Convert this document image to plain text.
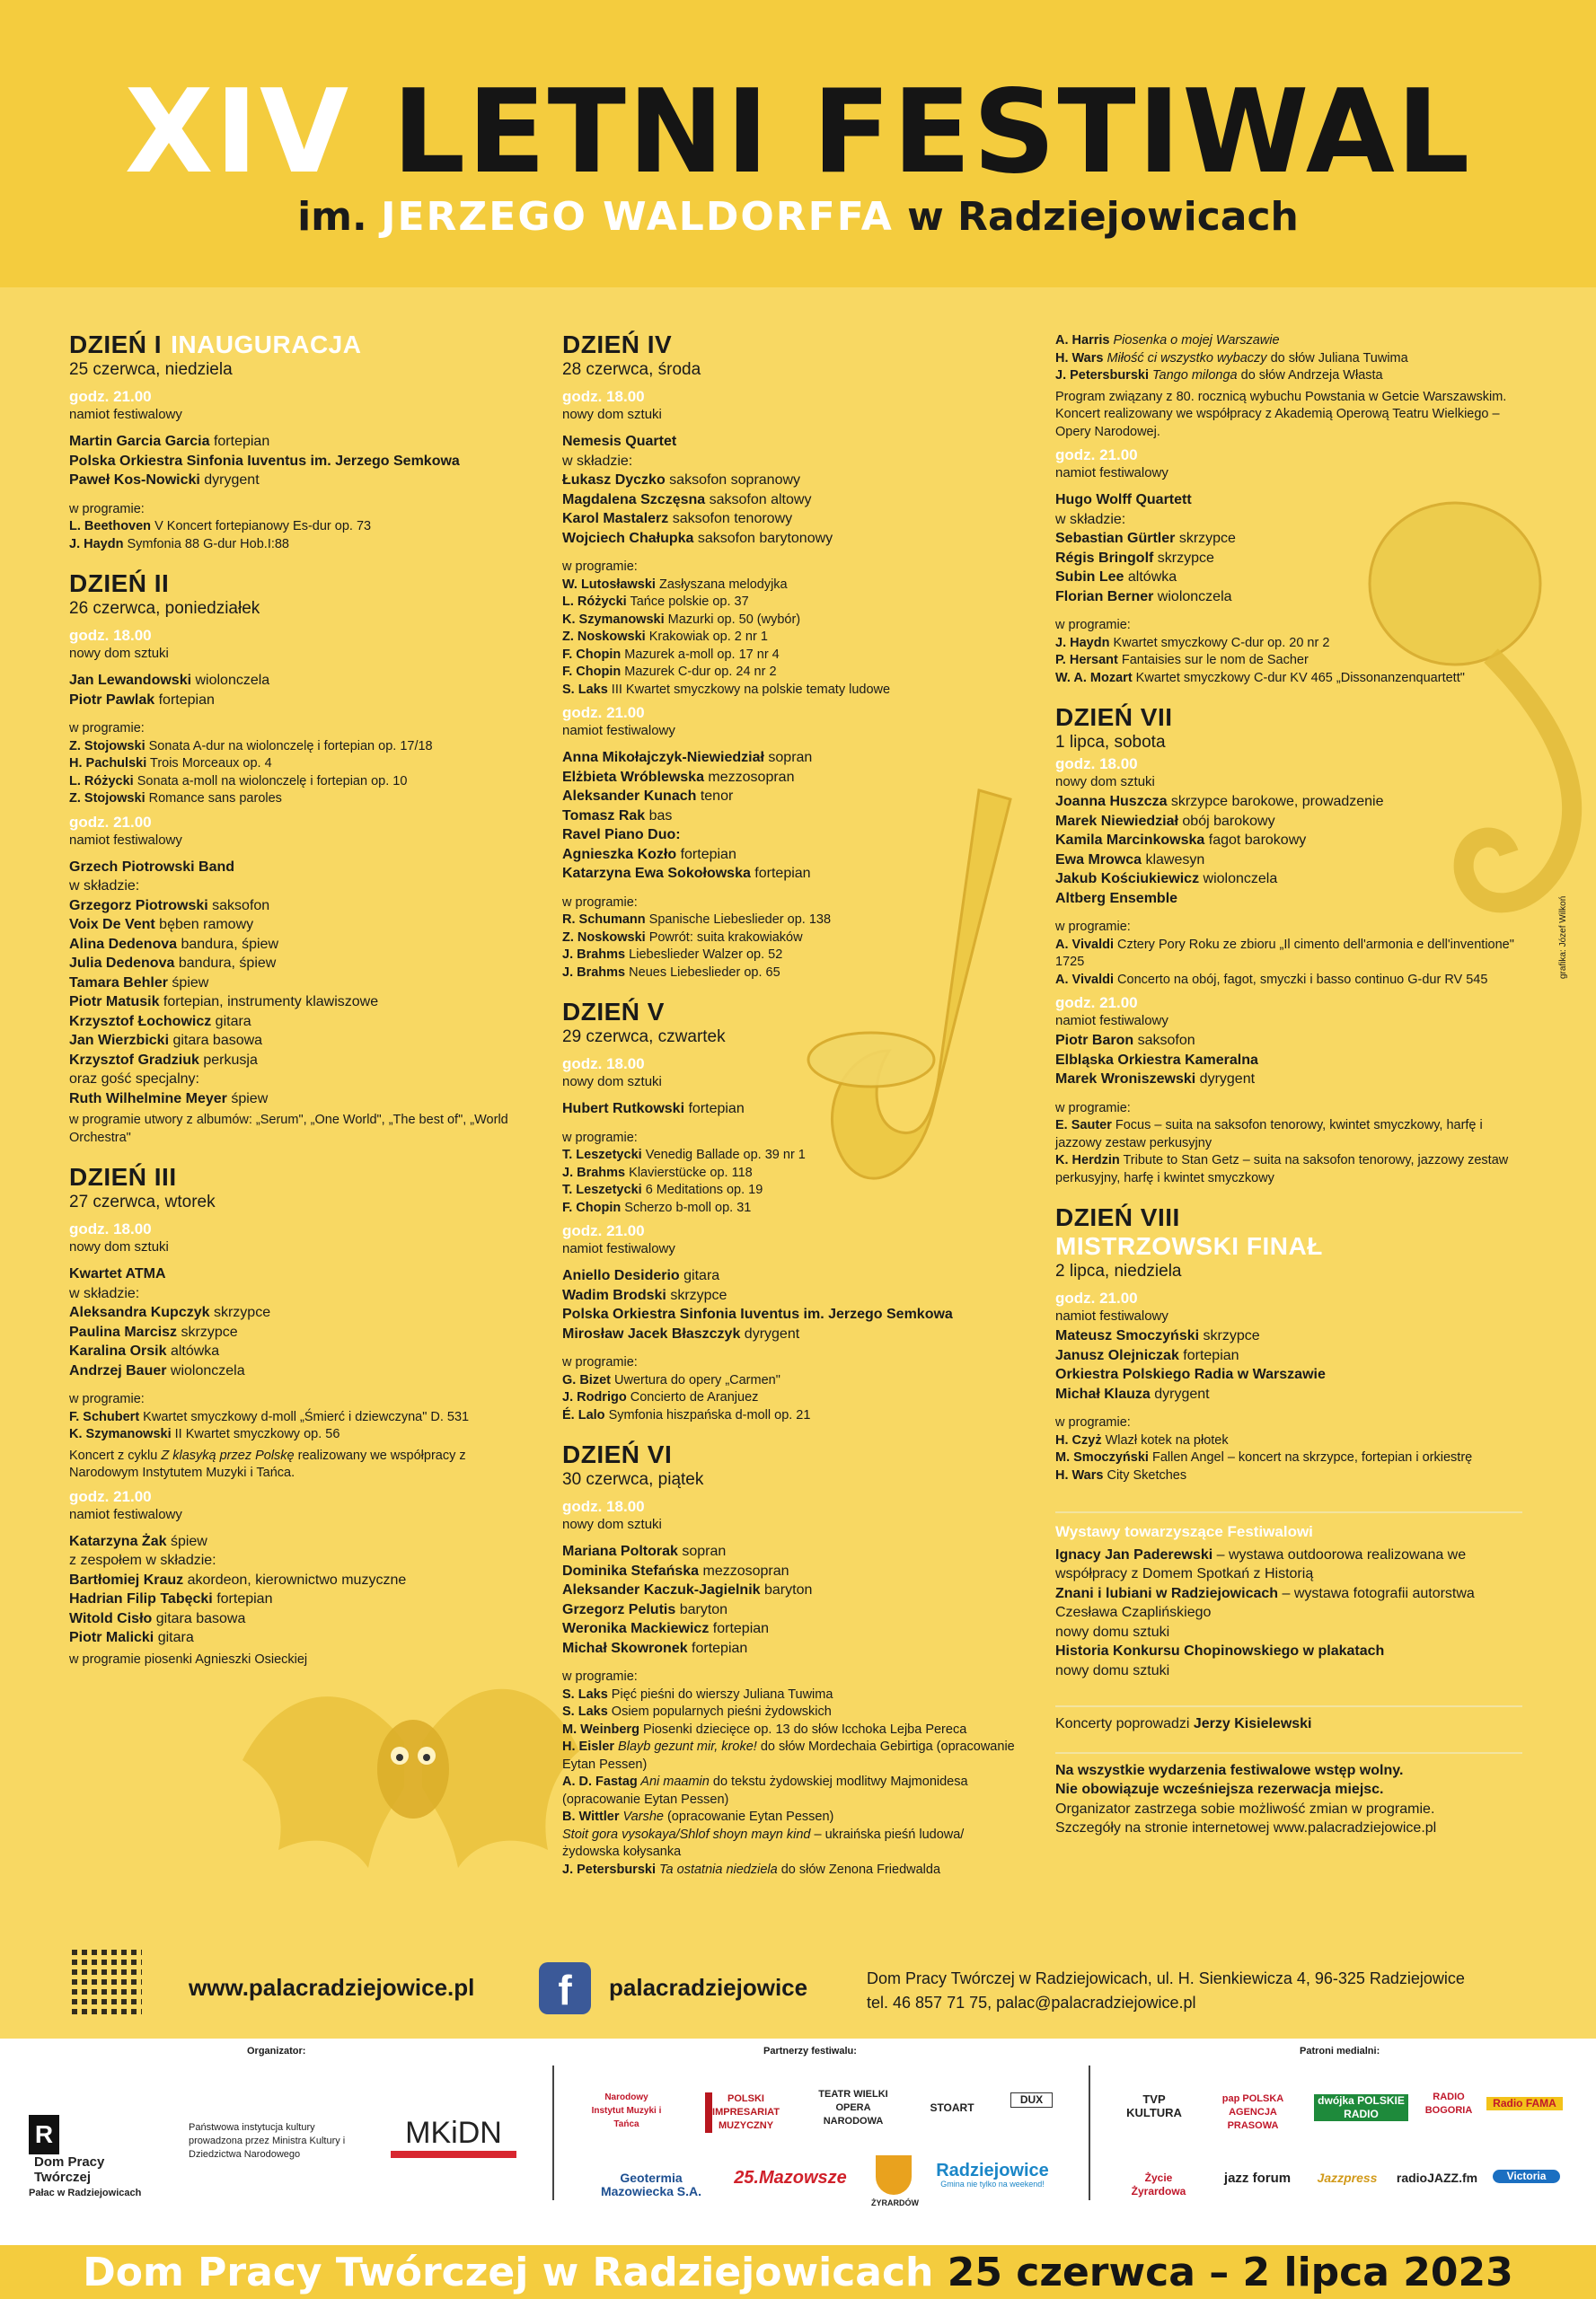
XIV LETNI FESTIWAL
im. JERZEGO WALDORFFA w Radziejowicach
DZIEŃ I INAUGURACJA
25 czerwca, niedziela
godz. 21.00
namiot festiwalowy
Martin Garcia Garcia fortepian
Polska Orkiestra Sinfonia Iuventus im. Jerzego Semkowa
Paweł Kos-Nowicki dyrygent
w programie:
L. Beethoven V Koncert fortepianowy Es-dur op. 73
J. Haydn Symfonia 88 G-dur Hob.I:88
DZIEŃ II
26 czerwca, poniedziałek
godz. 18.00
nowy dom sztuki
Jan Lewandowski wiolonczela
Piotr Pawlak fortepian
w programie:
Z. Stojowski Sonata A-dur na wiolonczelę i fortepian op. 17/18
H. Pachulski Trois Morceaux op. 4
L. Różycki Sonata a-moll na wiolonczelę i fortepian op. 10
Z. Stojowski Romance sans paroles
godz. 21.00
namiot festiwalowy
Grzech Piotrowski Band
w składzie:
Grzegorz Piotrowski saksofon
Voix De Vent bęben ramowy
Alina Dedenova bandura, śpiew
Julia Dedenova bandura, śpiew
Tamara Behler śpiew
Piotr Matusik fortepian, instrumenty klawiszowe
Krzysztof Łochowicz gitara
Jan Wierzbicki gitara basowa
Krzysztof Gradziuk perkusja
oraz gość specjalny:
Ruth Wilhelmine Meyer śpiew
w programie utwory z albumów: „Serum", „One World", „The best of", „World Orchestra"
DZIEŃ III
27 czerwca, wtorek
godz. 18.00
nowy dom sztuki
Kwartet ATMA
w składzie:
Aleksandra Kupczyk skrzypce
Paulina Marcisz skrzypce
Karalina Orsik altówka
Andrzej Bauer wiolonczela
w programie:
F. Schubert Kwartet smyczkowy d-moll „Śmierć i dziewczyna" D. 531
K. Szymanowski II Kwartet smyczkowy op. 56
Koncert z cyklu Z klasyką przez Polskę realizowany we współpracy z Narodowym Instytutem Muzyki i Tańca.
godz. 21.00
namiot festiwalowy
Katarzyna Żak śpiew
z zespołem w składzie:
Bartłomiej Krauz akordeon, kierownictwo muzyczne
Hadrian Filip Tabęcki fortepian
Witold Cisło gitara basowa
Piotr Malicki gitara
w programie piosenki Agnieszki Osieckiej
DZIEŃ IV
28 czerwca, środa
godz. 18.00
nowy dom sztuki
Nemesis Quartet
w składzie:
Łukasz Dyczko saksofon sopranowy
Magdalena Szczęsna saksofon altowy
Karol Mastalerz saksofon tenorowy
Wojciech Chałupka saksofon barytonowy
w programie:
W. Lutosławski Zasłyszana melodyjka
L. Różycki Tańce polskie op. 37
K. Szymanowski Mazurki op. 50 (wybór)
Z. Noskowski Krakowiak op. 2 nr 1
F. Chopin Mazurek a-moll op. 17 nr 4
F. Chopin Mazurek C-dur op. 24 nr 2
S. Laks III Kwartet smyczkowy na polskie tematy ludowe
godz. 21.00
namiot festiwalowy
Anna Mikołajczyk-Niewiedział sopran
Elżbieta Wróblewska mezzosopran
Aleksander Kunach tenor
Tomasz Rak bas
Ravel Piano Duo:
Agnieszka Kozło fortepian
Katarzyna Ewa Sokołowska fortepian
w programie:
R. Schumann Spanische Liebeslieder op. 138
Z. Noskowski Powrót: suita krakowiaków
J. Brahms Liebeslieder Walzer op. 52
J. Brahms Neues Liebeslieder op. 65
DZIEŃ V
29 czerwca, czwartek
godz. 18.00
nowy dom sztuki
Hubert Rutkowski fortepian
w programie:
T. Leszetycki Venedig Ballade op. 39 nr 1
J. Brahms Klavierstücke op. 118
T. Leszetycki 6 Meditations op. 19
F. Chopin Scherzo b-moll op. 31
godz. 21.00
namiot festiwalowy
Aniello Desiderio gitara
Wadim Brodski skrzypce
Polska Orkiestra Sinfonia Iuventus im. Jerzego Semkowa
Mirosław Jacek Błaszczyk dyrygent
w programie:
G. Bizet Uwertura do opery „Carmen"
J. Rodrigo Concierto de Aranjuez
É. Lalo Symfonia hiszpańska d-moll op. 21
DZIEŃ VI
30 czerwca, piątek
godz. 18.00
nowy dom sztuki
Mariana Poltorak sopran
Dominika Stefańska mezzosopran
Aleksander Kaczuk-Jagielnik baryton
Grzegorz Pelutis baryton
Weronika Mackiewicz fortepian
Michał Skowronek fortepian
w programie:
S. Laks Pięć pieśni do wierszy Juliana Tuwima
S. Laks Osiem popularnych pieśni żydowskich
M. Weinberg Piosenki dziecięce op. 13 do słów Icchoka Lejba Pereca
H. Eisler Blayb gezunt mir, kroke! do słów Mordechaia Gebirtiga (opracowanie Eytan Pessen)
A. D. Fastag Ani maamin do tekstu żydowskiej modlitwy Majmonidesa (opracowanie Eytan Pessen)
B. Wittler Varshe (opracowanie Eytan Pessen)
Stoit gora vysokaya/Shlof shoyn mayn kind – ukraińska pieśń ludowa/ żydowska kołysanka
J. Petersburski Ta ostatnia niedziela do słów Zenona Friedwalda
A. Harris Piosenka o mojej Warszawie
H. Wars Miłość ci wszystko wybaczy do słów Juliana Tuwima
J. Petersburski Tango milonga do słów Andrzeja Własta
Program związany z 80. rocznicą wybuchu Powstania w Getcie Warszawskim. Koncert realizowany we współpracy z Akademią Operową Teatru Wielkiego – Opery Narodowej.
godz. 21.00
namiot festiwalowy
Hugo Wolff Quartett
w składzie:
Sebastian Gürtler skrzypce
Régis Bringolf skrzypce
Subin Lee altówka
Florian Berner wiolonczela
w programie:
J. Haydn Kwartet smyczkowy C-dur op. 20 nr 2
P. Hersant Fantaisies sur le nom de Sacher
W. A. Mozart Kwartet smyczkowy C-dur KV 465 „Dissonanzenquartett"
DZIEŃ VII
1 lipca, sobota
godz. 18.00
nowy dom sztuki
Joanna Huszcza skrzypce barokowe, prowadzenie
Marek Niewiedział obój barokowy
Kamila Marcinkowska fagot barokowy
Ewa Mrowca klawesyn
Jakub Kościukiewicz wiolonczela
Altberg Ensemble
w programie:
A. Vivaldi Cztery Pory Roku ze zbioru „Il cimento dell'armonia e dell'inventione" 1725
A. Vivaldi Concerto na obój, fagot, smyczki i basso continuo G-dur RV 545
godz. 21.00
namiot festiwalowy
Piotr Baron saksofon
Elbląska Orkiestra Kameralna
Marek Wroniszewski dyrygent
w programie:
E. Sauter Focus – suita na saksofon tenorowy, kwintet smyczkowy, harfę i jazzowy zestaw perkusyjny
K. Herdzin Tribute to Stan Getz – suita na saksofon tenorowy, jazzowy zestaw perkusyjny, harfę i kwintet smyczkowy
DZIEŃ VIII
MISTRZOWSKI FINAŁ
2 lipca, niedziela
godz. 21.00
namiot festiwalowy
Mateusz Smoczyński skrzypce
Janusz Olejniczak fortepian
Orkiestra Polskiego Radia w Warszawie
Michał Klauza dyrygent
w programie:
H. Czyż Wlazł kotek na płotek
M. Smoczyński Fallen Angel – koncert na skrzypce, fortepian i orkiestrę
H. Wars City Sketches
Wystawy towarzyszące Festiwalowi
Ignacy Jan Paderewski – wystawa outdoorowa realizowana we współpracy z Domem Spotkań z Historią
Znani i lubiani w Radziejowicach – wystawa fotografii autorstwa Czesława Czaplińskiego
nowy domu sztuki
Historia Konkursu Chopinowskiego w plakatach
nowy domu sztuki
Koncerty poprowadzi Jerzy Kisielewski
Na wszystkie wydarzenia festiwalowe wstęp wolny.
Nie obowiązuje wcześniejsza rezerwacja miejsc.
Organizator zastrzega sobie możliwość zmian w programie.
Szczegóły na stronie internetowej www.palacradziejowice.pl
grafika: Józef Wilkoń
www.palacradziejowice.pl	f	palacradziejowice	Dom Pracy Twórczej w Radziejowicach, ul. H. Sienkiewicza 4, 96-325 Radziejowice
tel. 46 857 71 75, palac@palacradziejowice.pl
Organizator:	Partnerzy festiwalu:	Patroni medialni:
R Dom Pracy Twórczej
Pałac w Radziejowicach
Państwowa instytucja kultury prowadzona przez Ministra Kultury i Dziedzictwa Narodowego
MKiDN
Narodowy Instytut Muzyki i Tańca
POLSKI IMPRESARIAT MUZYCZNY
TEATR WIELKI OPERA NARODOWA
STOART
DUX
Geotermia Mazowiecka S.A.
25.Mazowsze
ŻYRARDÓW
Radziejowice
Gmina nie tylko na weekend!
TVP KULTURA
pap POLSKA AGENCJA PRASOWA
dwójka POLSKIE RADIO
RADIO BOGORIA
Radio FAMA
Życie Żyrardowa
jazz forum	Jazzpress	radioJAZZ.fm	Victoria
Dom Pracy Twórczej w Radziejowicach 25 czerwca – 2 lipca 2023
